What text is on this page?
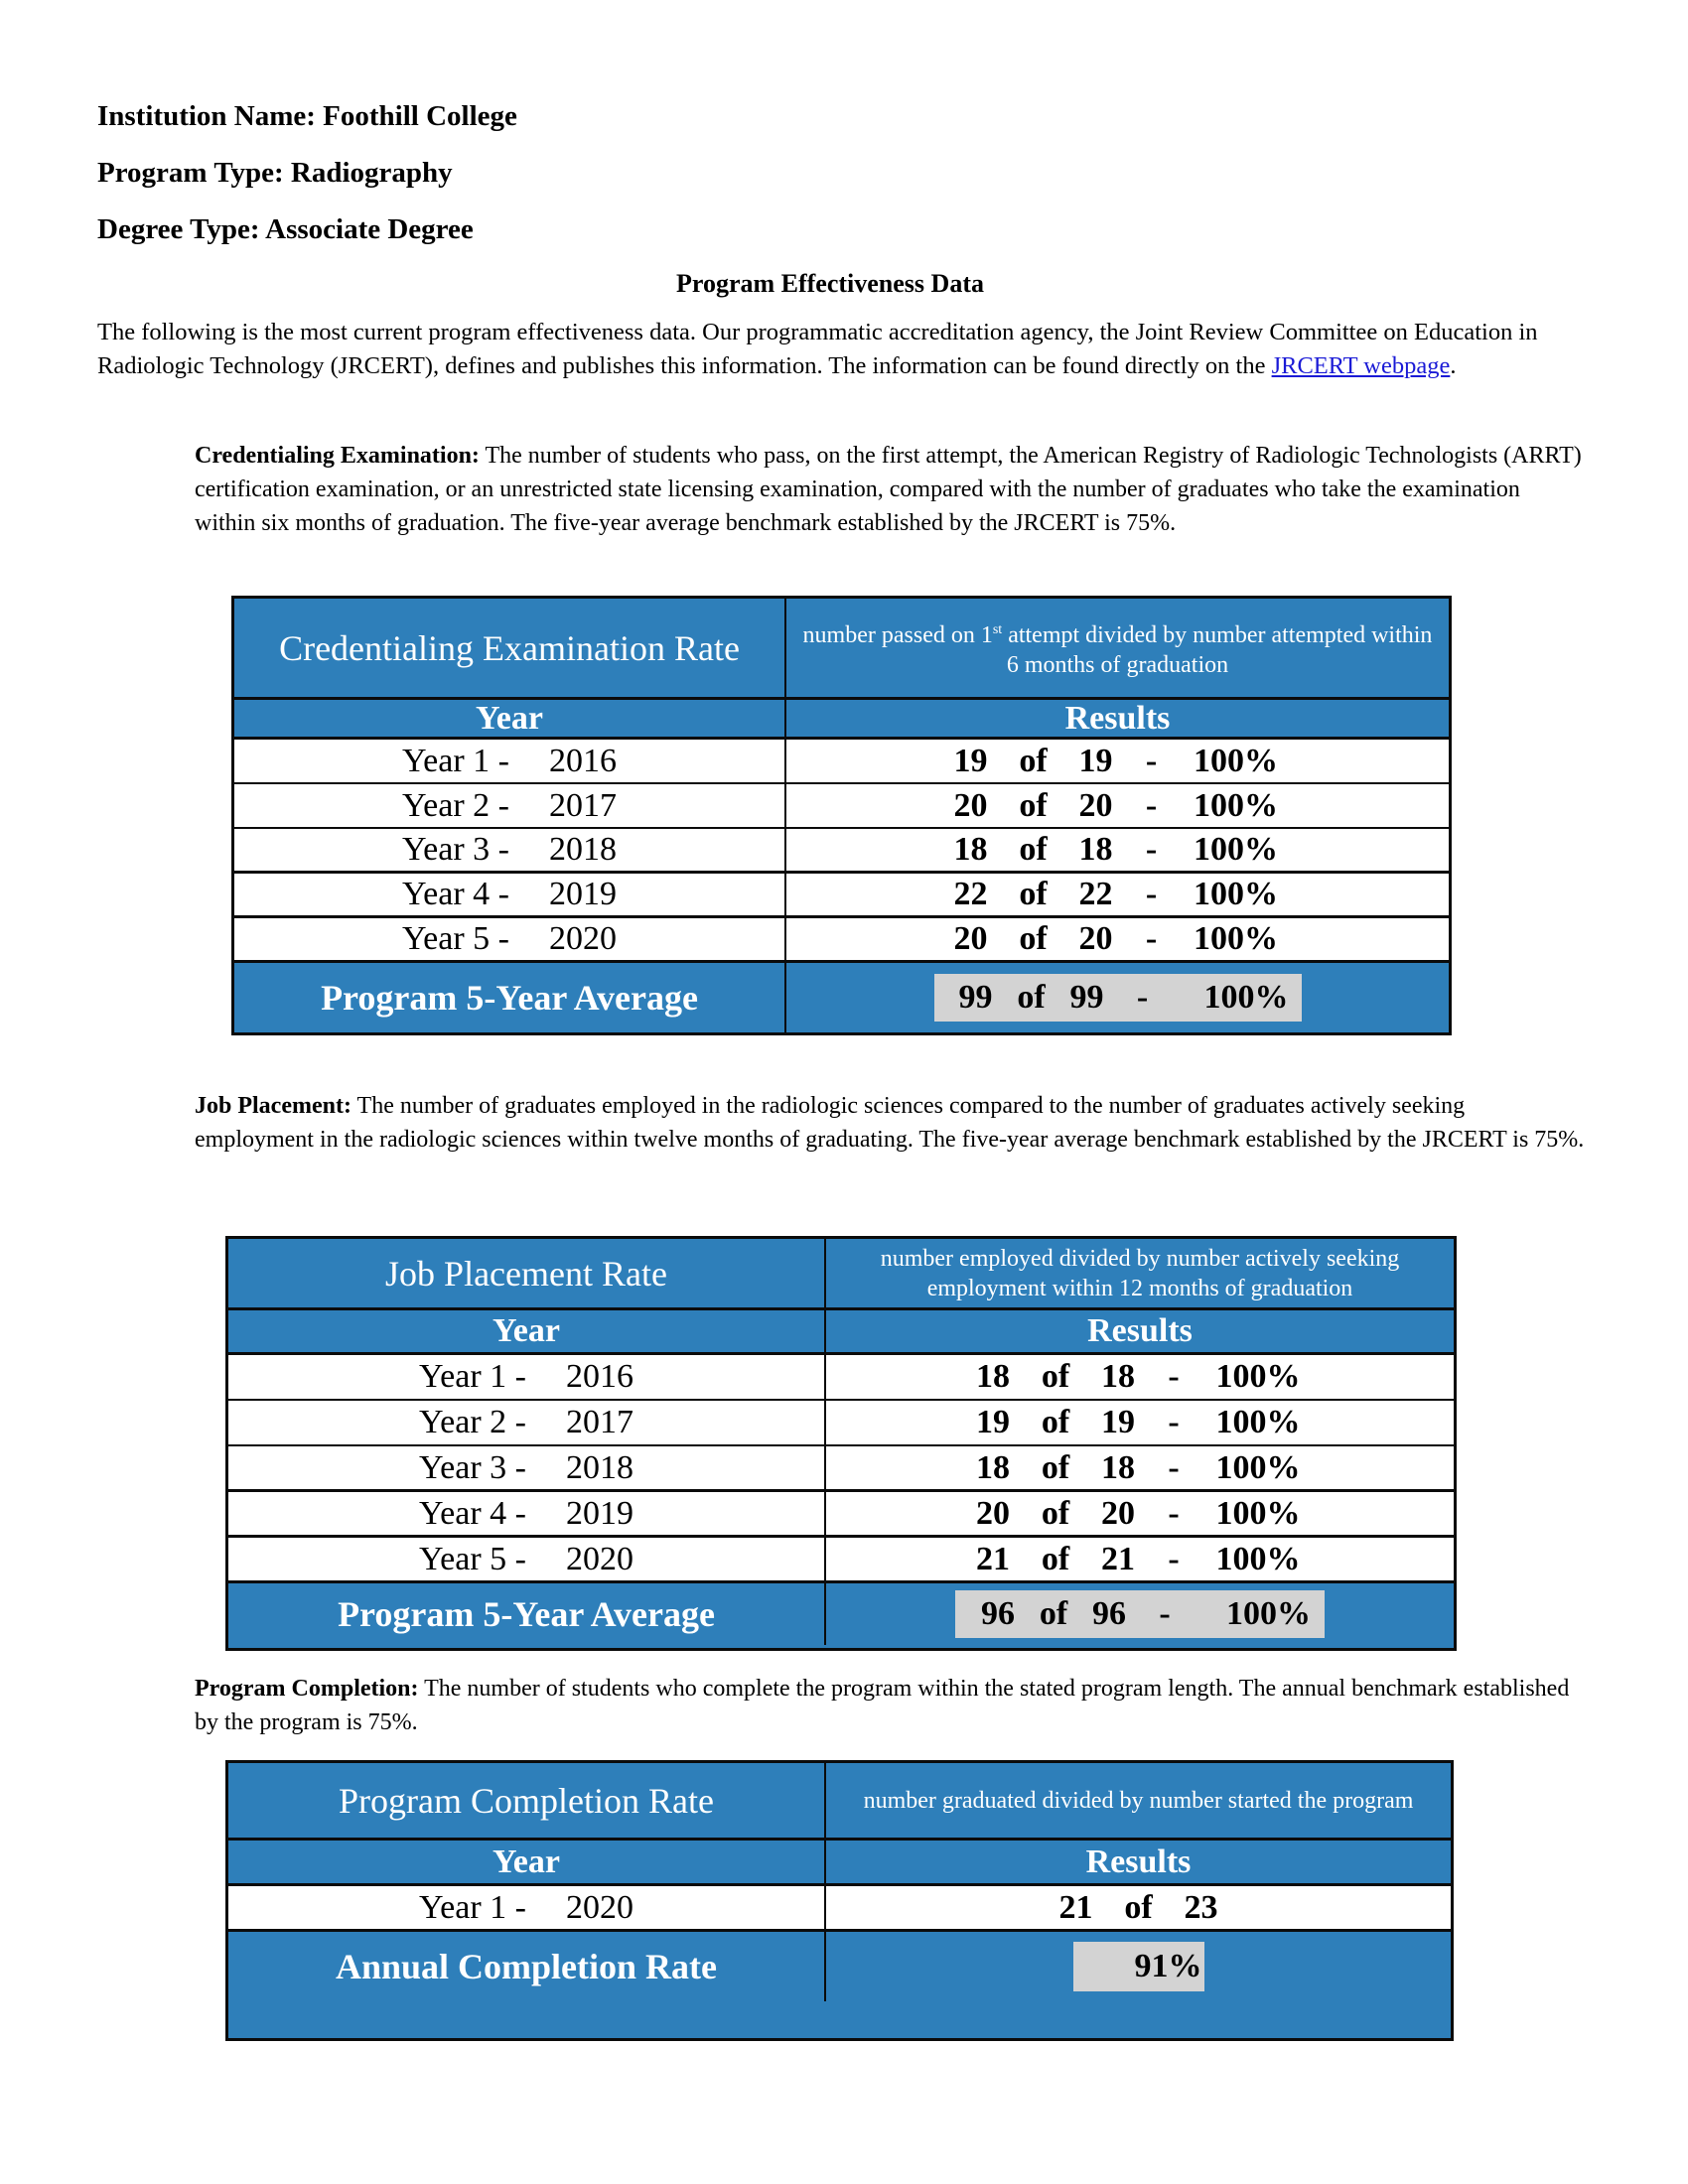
Institution Name: Foothill College
Program Type: Radiography
Degree Type: Associate Degree
Program Effectiveness Data
The following is the most current program effectiveness data. Our programmatic accreditation agency, the Joint Review Committee on Education in Radiologic Technology (JRCERT), defines and publishes this information. The information can be found directly on the JRCERT webpage.
Credentialing Examination: The number of students who pass, on the first attempt, the American Registry of Radiologic Technologists (ARRT) certification examination, or an unrestricted state licensing examination, compared with the number of graduates who take the examination within six months of graduation. The five-year average benchmark established by the JRCERT is 75%.
Credentialing Examination Rate	number passed on 1st attempt divided by number attempted within 6 months of graduation
Year	Results
Year 1 - 2016	19 of 19 -	100%
Year 2 - 2017	20 of 20 -	100%
Year 3 - 2018	18 of 18 -	100%
Year 4 - 2019	22 of 22 -	100%
Year 5 - 2020	20 of 20 -	100%
Program 5-Year Average	99 of 99 -	100%
Job Placement: The number of graduates employed in the radiologic sciences compared to the number of graduates actively seeking employment in the radiologic sciences within twelve months of graduating. The five-year average benchmark established by the JRCERT is 75%.
Job Placement Rate	number employed divided by number actively seeking employment within 12 months of graduation
Year	Results
Year 1 - 2016	18 of 18 -	100%
Year 2 - 2017	19 of 19 -	100%
Year 3 - 2018	18 of 18 -	100%
Year 4 - 2019	20 of 20 -	100%
Year 5 - 2020	21 of 21 -	100%
Program 5-Year Average	96 of 96 -	100%
Program Completion: The number of students who complete the program within the stated program length. The annual benchmark established by the program is 75%.
Program Completion Rate	number graduated divided by number started the program
Year	Results
Year 1 - 2020	21 of 23
Annual Completion Rate	91%
